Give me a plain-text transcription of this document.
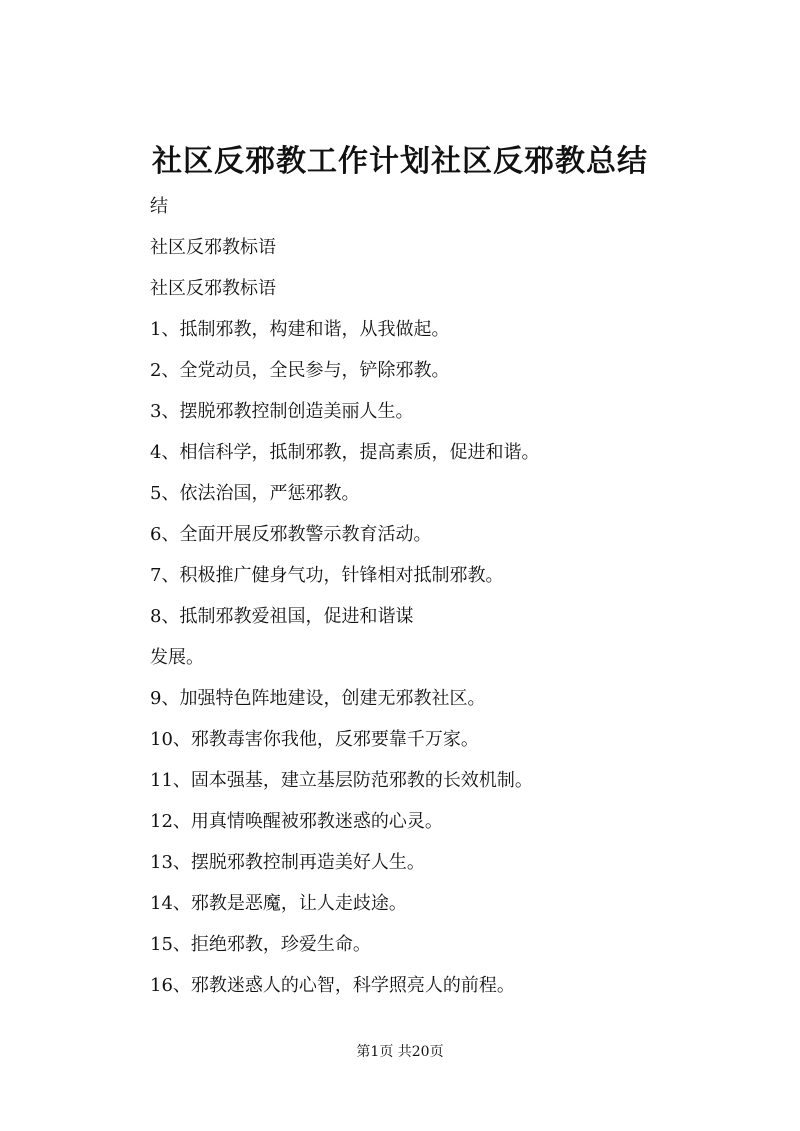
社区反邪教工作计划社区反邪教总结
结
社区反邪教标语
社区反邪教标语
1、抵制邪教，构建和谐，从我做起。
2、全党动员，全民参与，铲除邪教。
3、摆脱邪教控制创造美丽人生。
4、相信科学，抵制邪教，提高素质，促进和谐。
5、依法治国，严惩邪教。
6、全面开展反邪教警示教育活动。
7、积极推广健身气功，针锋相对抵制邪教。
8、抵制邪教爱祖国，促进和谐谋
发展。
9、加强特色阵地建设，创建无邪教社区。
10、邪教毒害你我他，反邪要靠千万家。
11、固本强基，建立基层防范邪教的长效机制。
12、用真情唤醒被邪教迷惑的心灵。
13、摆脱邪教控制再造美好人生。
14、邪教是恶魔，让人走歧途。
15、拒绝邪教，珍爱生命。
16、邪教迷惑人的心智，科学照亮人的前程。
第1页 共20页
